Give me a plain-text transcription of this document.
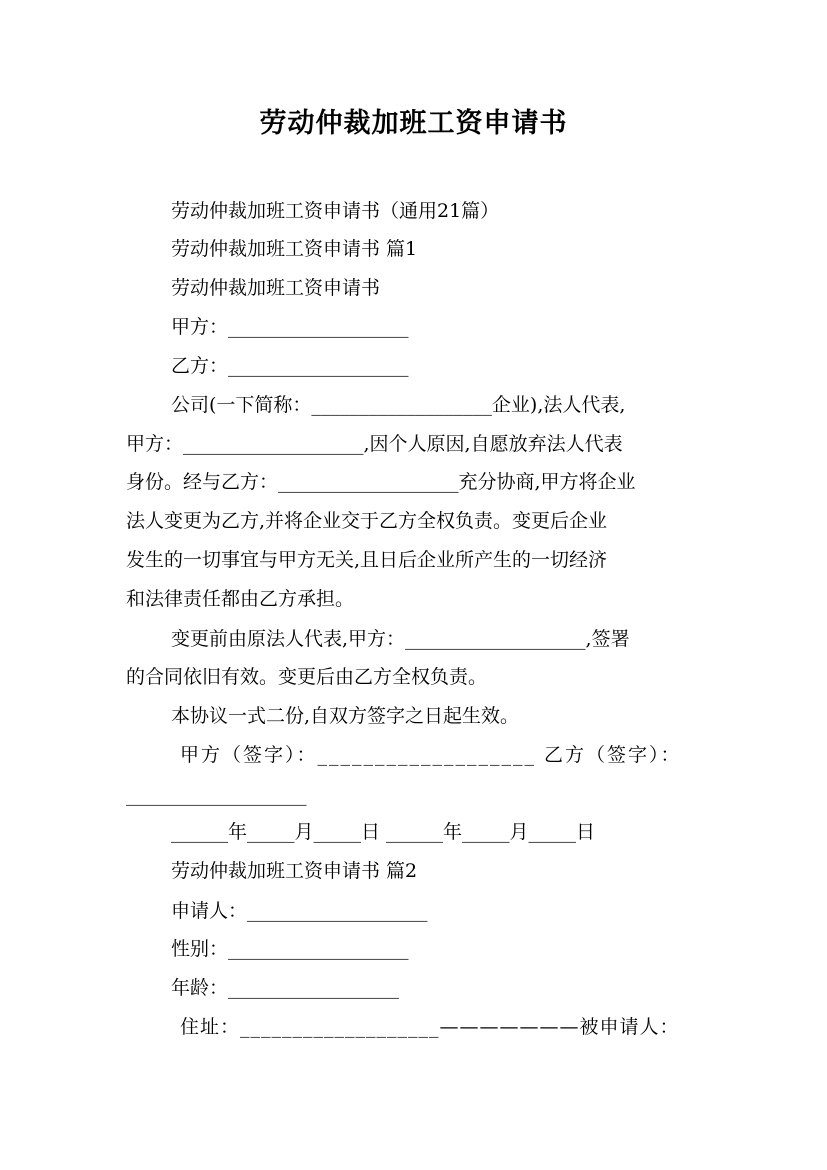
劳动仲裁加班工资申请书
劳动仲裁加班工资申请书（通用21篇）
劳动仲裁加班工资申请书 篇1
劳动仲裁加班工资申请书
甲方：___________________
乙方：___________________
公司(一下简称：___________________企业),法人代表,
甲方：___________________,因个人原因,自愿放弃法人代表
身份。经与乙方：___________________充分协商,甲方将企业
法人变更为乙方,并将企业交于乙方全权负责。变更后企业
发生的一切事宜与甲方无关,且日后企业所产生的一切经济
和法律责任都由乙方承担。
变更前由原法人代表,甲方：___________________,签署
的合同依旧有效。变更后由乙方全权负责。
本协议一式二份,自双方签字之日起生效。
甲方（签字）：___________________ 乙方（签字）：
___________________
______年_____月_____日 ______年_____月_____日
劳动仲裁加班工资申请书 篇2
申请人：___________________
性别：___________________
年龄：__________________
住址：___________________———————被申请人：
